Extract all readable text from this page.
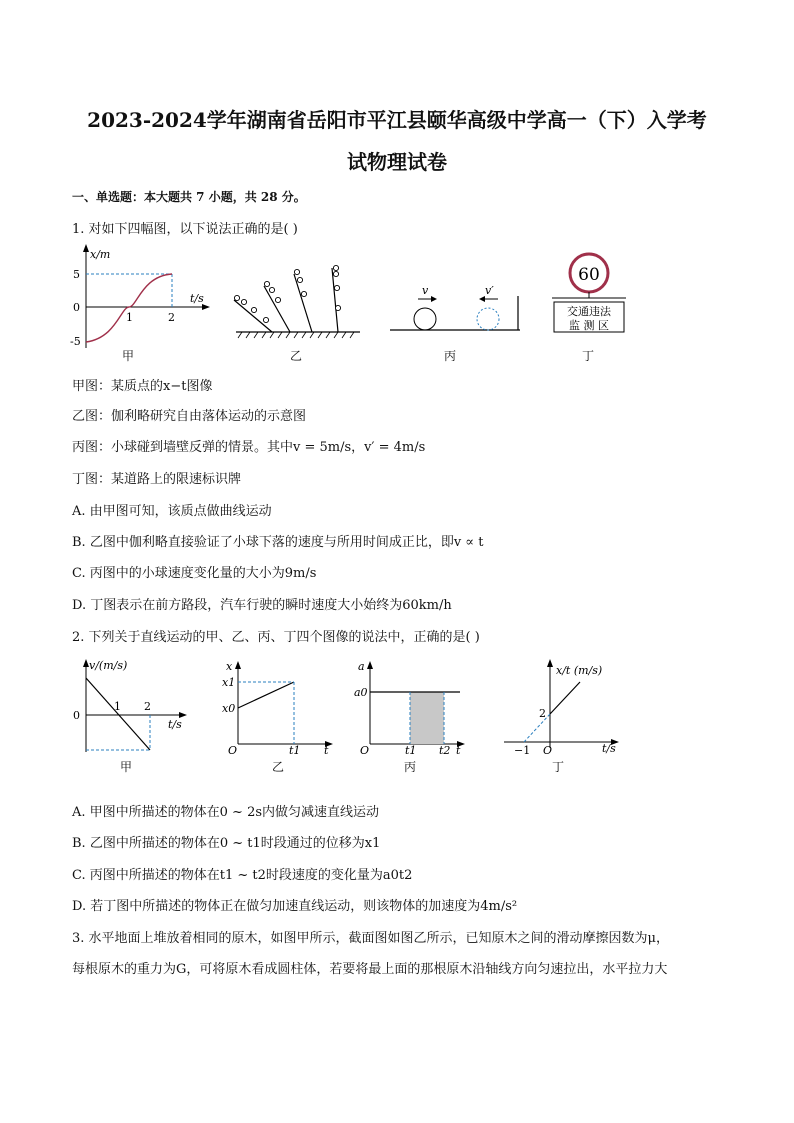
2023-2024学年湖南省岳阳市平江县颐华高级中学高一（下）入学考
试物理试卷
一、单选题：本大题共 7 小题，共 28 分。
1. 对如下四幅图，以下说法正确的是( )
x/m
t/s
5
0
-5
1	2
甲	乙
v	v′
丙
60
交通违法
监 测 区
丁
甲图：某质点的x−t图像
乙图：伽利略研究自由落体运动的示意图
丙图：小球碰到墙壁反弹的情景。其中v = 5m/s，v′ = 4m/s
丁图：某道路上的限速标识牌
A. 由甲图可知，该质点做曲线运动
B. 乙图中伽利略直接验证了小球下落的速度与所用时间成正比，即v ∝ t
C. 丙图中的小球速度变化量的大小为9m/s
D. 丁图表示在前方路段，汽车行驶的瞬时速度大小始终为60km/h
2. 下列关于直线运动的甲、乙、丙、丁四个图像的说法中，正确的是( )
v/(m/s)
t/s
0
1 2
甲
x
t
x1
x0
O	t1
乙
a
t
a0
O	t1 t2
丙
x/t (m/s)
t/s
2
−1 O
丁
A. 甲图中所描述的物体在0 ~ 2s内做匀减速直线运动
B. 乙图中所描述的物体在0 ~ t1时段通过的位移为x1
C. 丙图中所描述的物体在t1 ~ t2时段速度的变化量为a0t2
D. 若丁图中所描述的物体正在做匀加速直线运动，则该物体的加速度为4m/s²
3. 水平地面上堆放着相同的原木，如图甲所示，截面图如图乙所示，已知原木之间的滑动摩擦因数为μ，
每根原木的重力为G，可将原木看成圆柱体，若要将最上面的那根原木沿轴线方向匀速拉出，水平拉力大
